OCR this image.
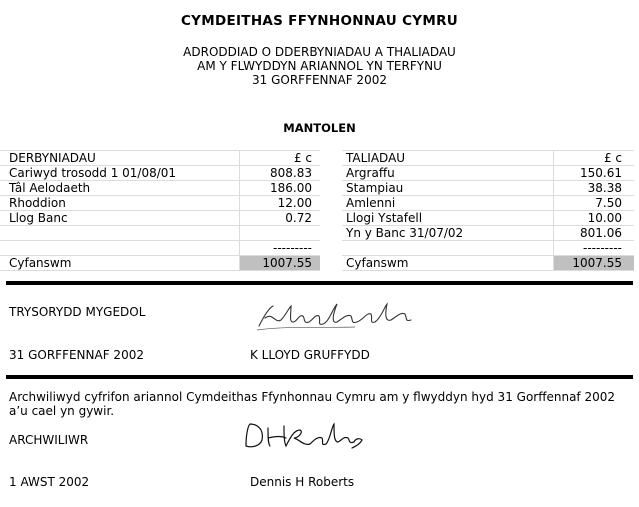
CYMDEITHAS FFYNHONNAU CYMRU
ADRODDIAD O DDERBYNIADAU A THALIADAU
AM Y FLWYDDYN ARIANNOL YN TERFYNU
31 GORFFENNAF 2002
MANTOLEN
DERBYNIADAU	£ c
Cariwyd trosodd 1 01/08/01	808.83
Tâl Aelodaeth	186.00
Rhoddion	12.00
Llog Banc	0.72
---------
Cyfanswm	1007.55
TALIADAU	£ c
Argraffu	150.61
Stampiau	38.38
Amlenni	7.50
Llogi Ystafell	10.00
Yn y Banc 31/07/02	801.06
---------
Cyfanswm	1007.55
TRYSORYDD MYGEDOL
31 GORFFENNAF 2002	K LLOYD GRUFFYDD
Archwiliwyd cyfrifon ariannol Cymdeithas Ffynhonnau Cymru am y flwyddyn hyd 31 Gorffennaf 2002
a’u cael yn gywir.
ARCHWILIWR
1 AWST 2002	Dennis H Roberts
